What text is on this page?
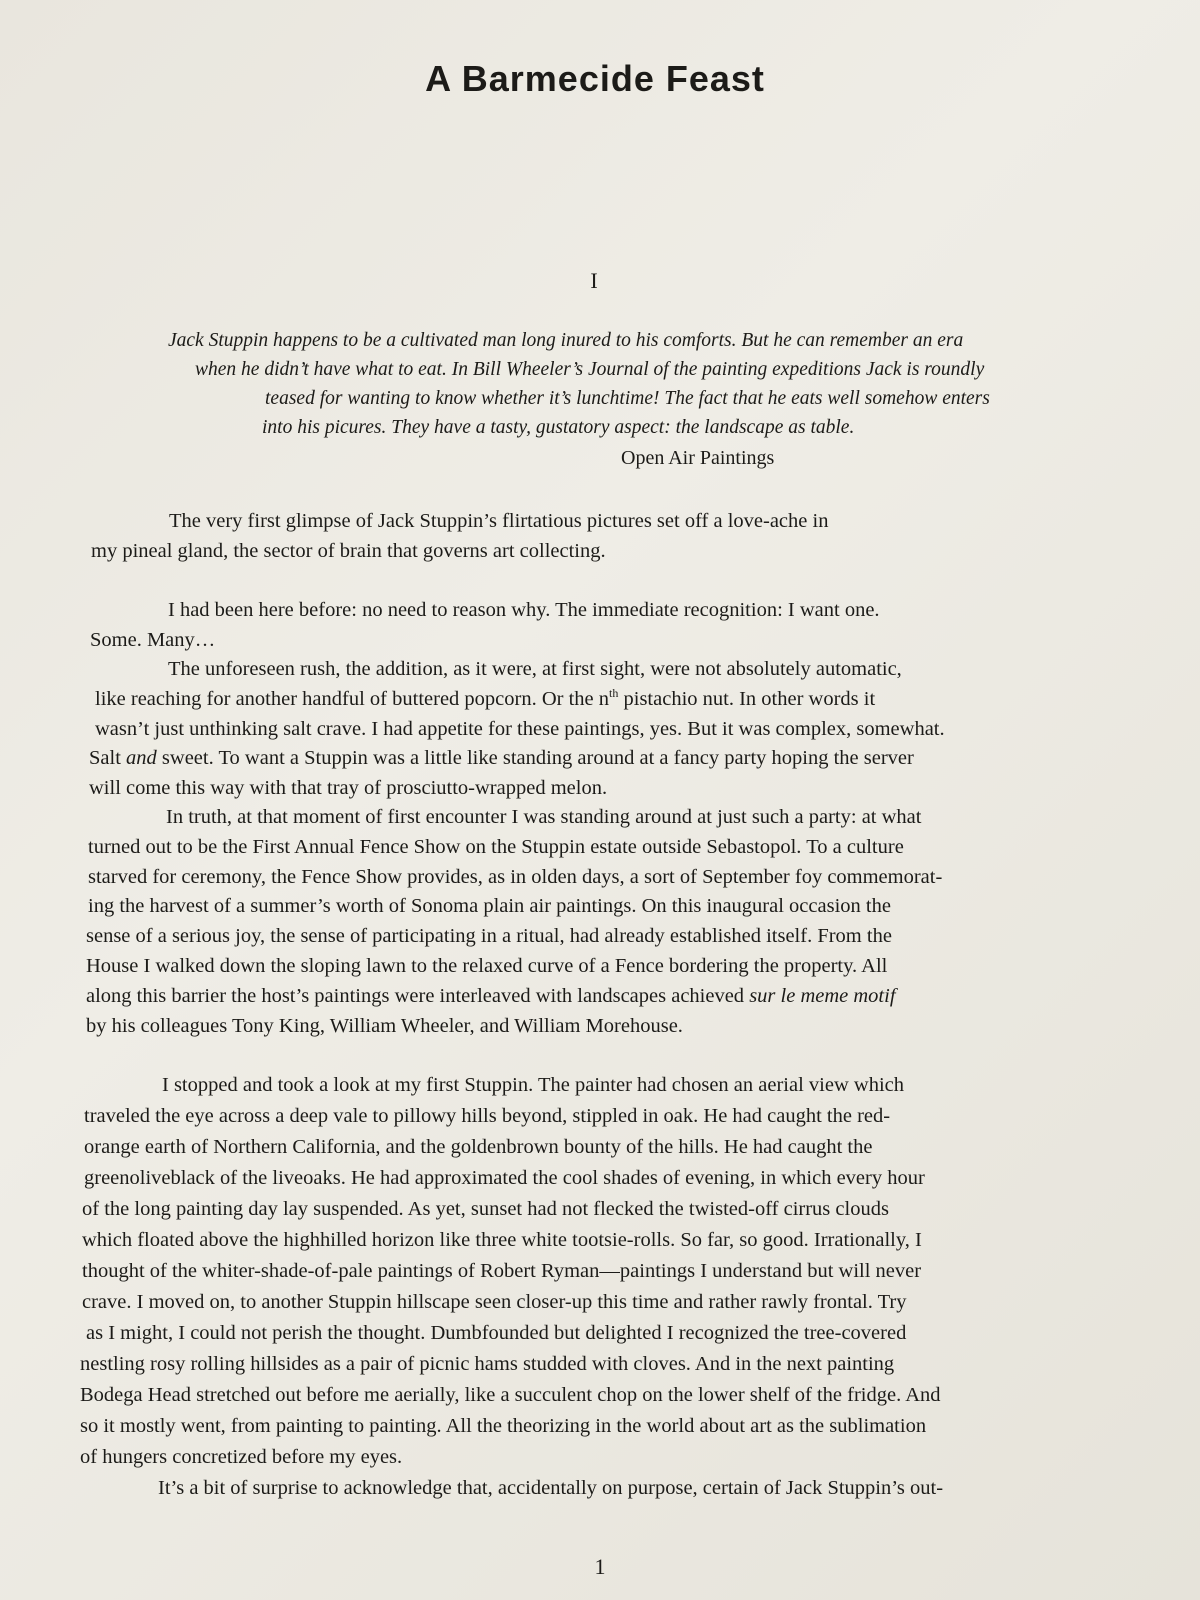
A Barmecide Feast
I
Jack Stuppin happens to be a cultivated man long inured to his comforts. But he can remember an era
when he didn’t have what to eat. In Bill Wheeler’s Journal of the painting expeditions Jack is roundly
teased for wanting to know whether it’s lunchtime! The fact that he eats well somehow enters
into his picures. They have a tasty, gustatory aspect: the landscape as table.
Open Air Paintings
The very first glimpse of Jack Stuppin’s flirtatious pictures set off a love-ache in
my pineal gland, the sector of brain that governs art collecting.
I had been here before: no need to reason why. The immediate recognition: I want one.
Some. Many…
The unforeseen rush, the addition, as it were, at first sight, were not absolutely automatic,
like reaching for another handful of buttered popcorn. Or the $n^{th}$ pistachio nut. In other words it
wasn’t just unthinking salt crave. I had appetite for these paintings, yes. But it was complex, somewhat.
Salt and sweet. To want a Stuppin was a little like standing around at a fancy party hoping the server
will come this way with that tray of prosciutto-wrapped melon.
In truth, at that moment of first encounter I was standing around at just such a party: at what
turned out to be the First Annual Fence Show on the Stuppin estate outside Sebastopol. To a culture
starved for ceremony, the Fence Show provides, as in olden days, a sort of September foy commemorat-
ing the harvest of a summer’s worth of Sonoma plain air paintings. On this inaugural occasion the
sense of a serious joy, the sense of participating in a ritual, had already established itself. From the
House I walked down the sloping lawn to the relaxed curve of a Fence bordering the property. All
along this barrier the host’s paintings were interleaved with landscapes achieved sur le meme motif
by his colleagues Tony King, William Wheeler, and William Morehouse.
I stopped and took a look at my first Stuppin. The painter had chosen an aerial view which
traveled the eye across a deep vale to pillowy hills beyond, stippled in oak. He had caught the red-
orange earth of Northern California, and the goldenbrown bounty of the hills. He had caught the
greenoliveblack of the liveoaks. He had approximated the cool shades of evening, in which every hour
of the long painting day lay suspended. As yet, sunset had not flecked the twisted-off cirrus clouds
which floated above the highhilled horizon like three white tootsie-rolls. So far, so good. Irrationally, I
thought of the whiter-shade-of-pale paintings of Robert Ryman—paintings I understand but will never
crave. I moved on, to another Stuppin hillscape seen closer-up this time and rather rawly frontal. Try
as I might, I could not perish the thought. Dumbfounded but delighted I recognized the tree-covered
nestling rosy rolling hillsides as a pair of picnic hams studded with cloves. And in the next painting
Bodega Head stretched out before me aerially, like a succulent chop on the lower shelf of the fridge. And
so it mostly went, from painting to painting. All the theorizing in the world about art as the sublimation
of hungers concretized before my eyes.
It’s a bit of surprise to acknowledge that, accidentally on purpose, certain of Jack Stuppin’s out-
1
